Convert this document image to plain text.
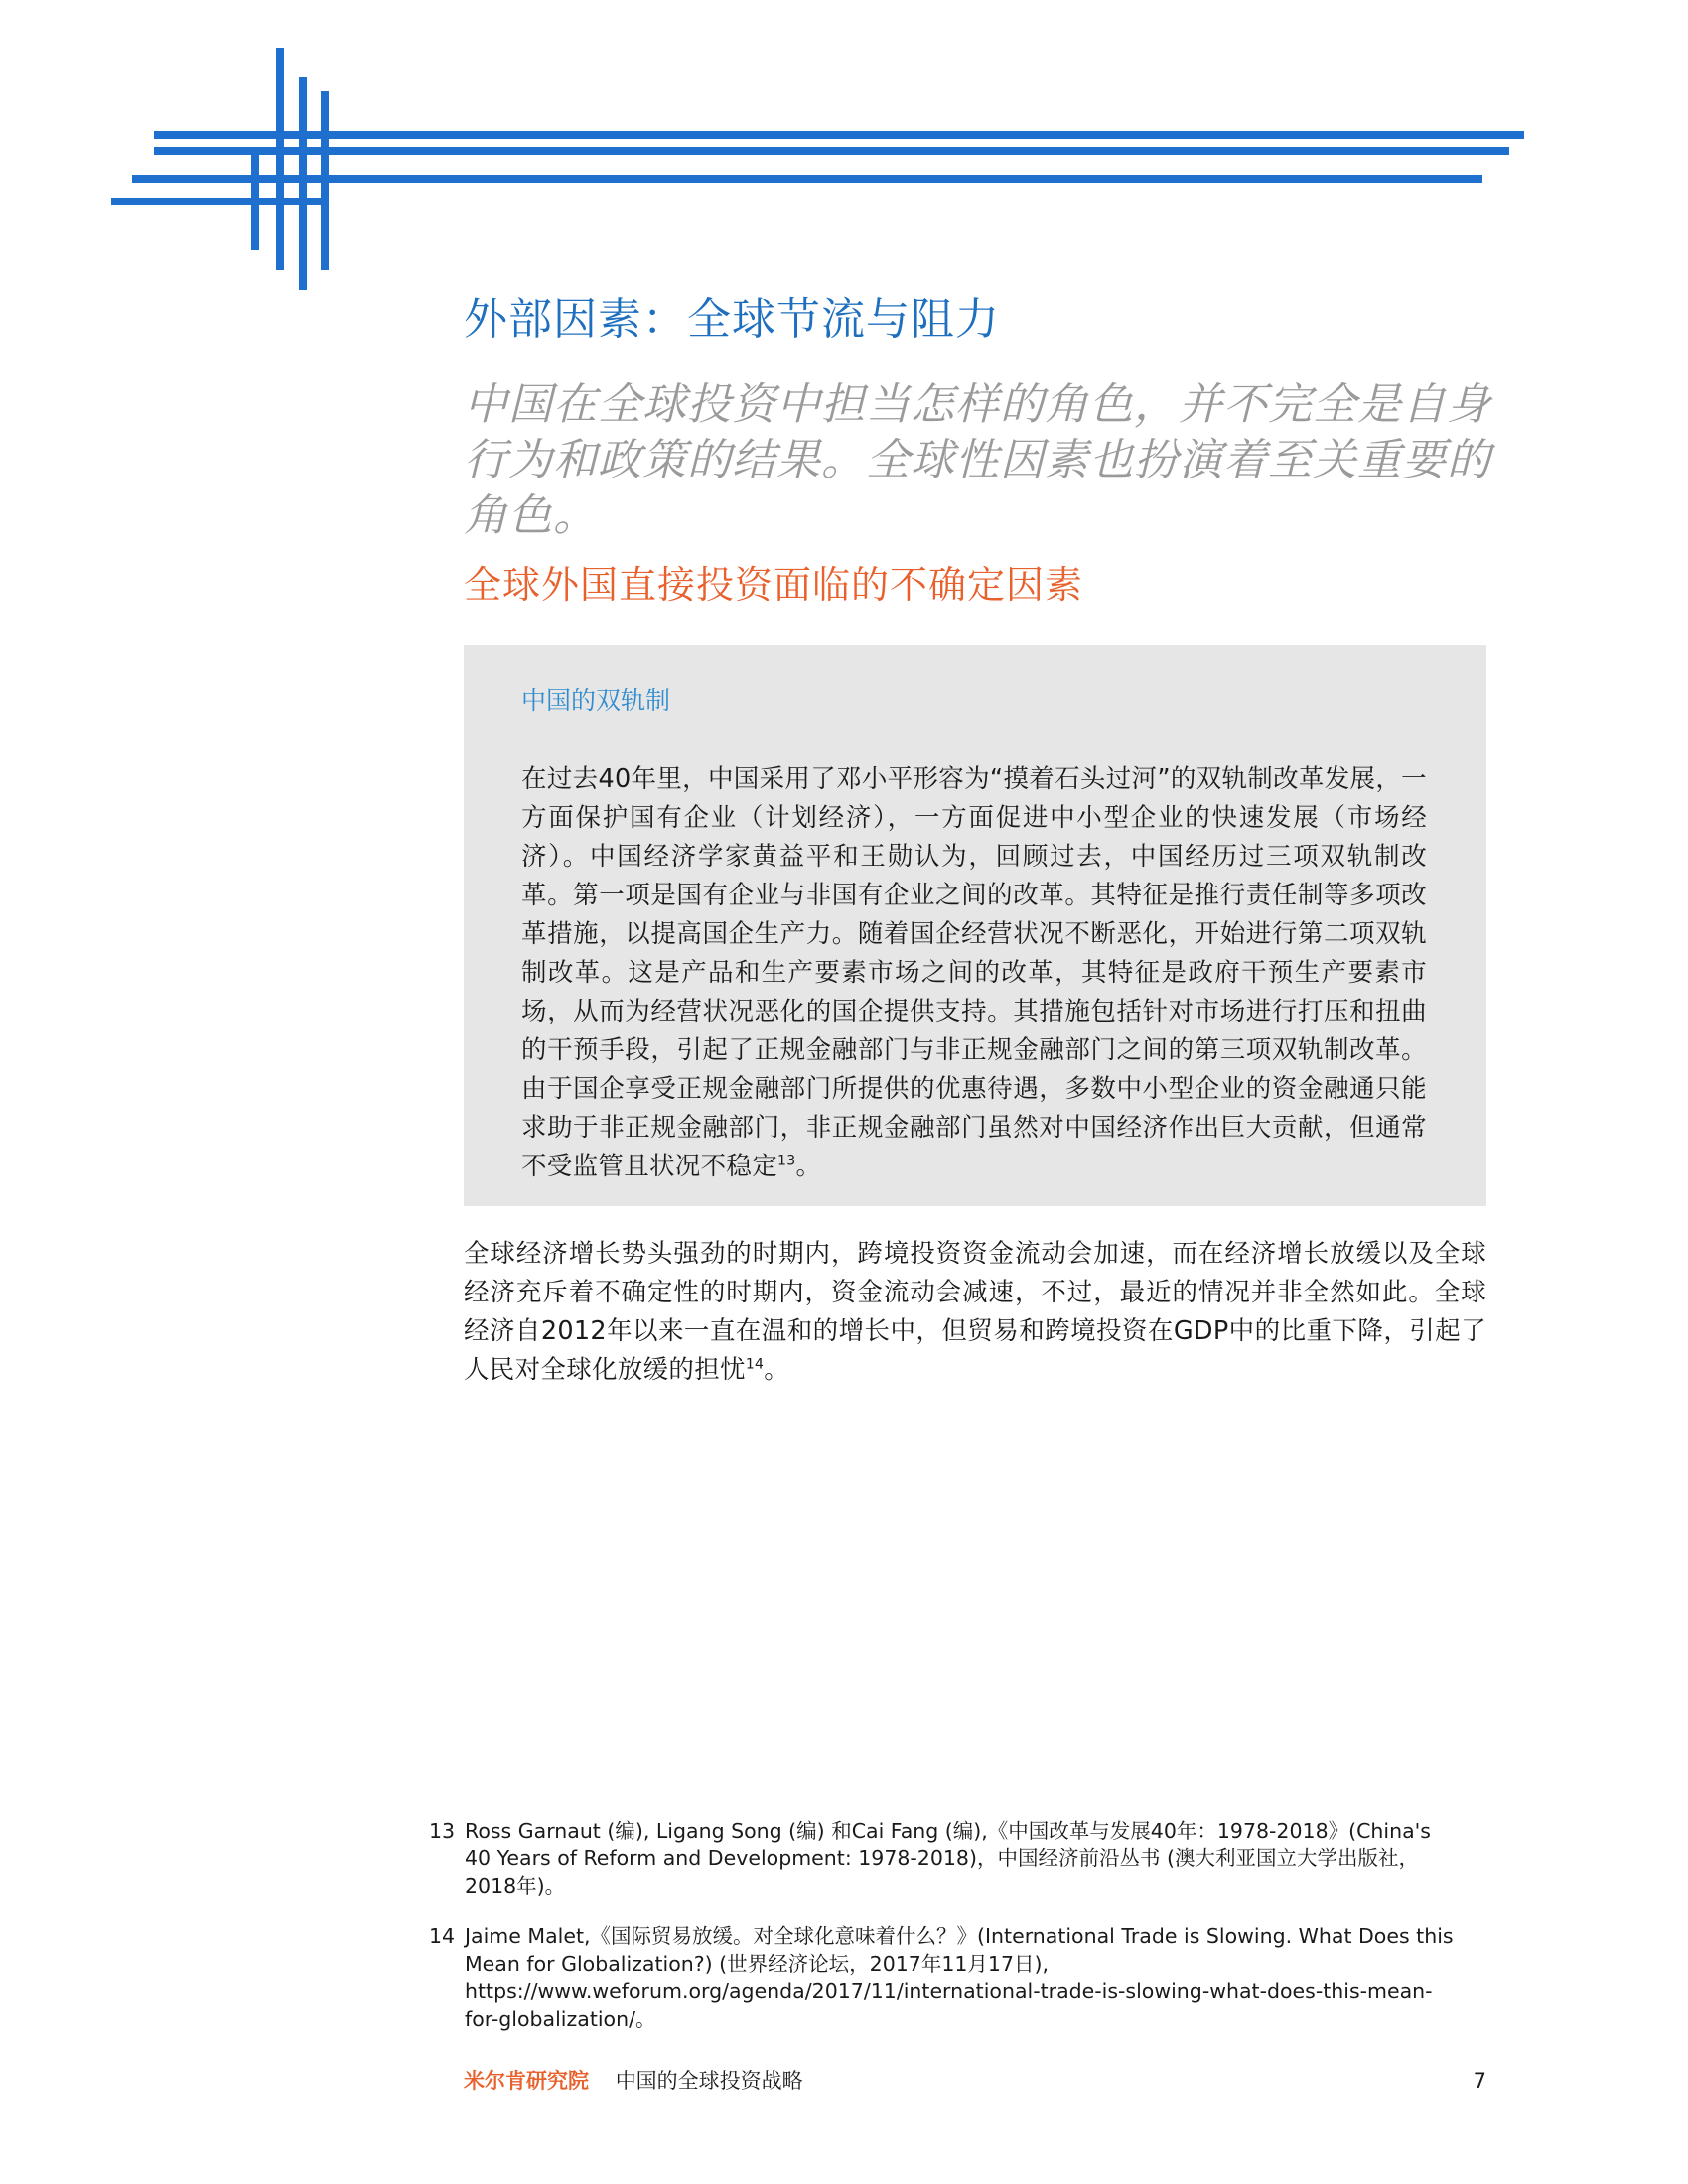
外部因素：全球节流与阻力

中国在全球投资中担当怎样的角色，并不完全是自身行为和政策的结果。全球性因素也扮演着至关重要的角色。

全球外国直接投资面临的不确定因素
中国的双轨制

在过去40年里，中国采用了邓小平形容为“摸着石头过河”的双轨制改革发展，一方面保护国有企业（计划经济），一方面促进中小型企业的快速发展（市场经济）。中国经济学家黄益平和王勋认为，回顾过去，中国经历过三项双轨制改革。第一项是国有企业与非国有企业之间的改革。其特征是推行责任制等多项改革措施，以提高国企生产力。随着国企经营状况不断恶化，开始进行第二项双轨制改革。这是产品和生产要素市场之间的改革，其特征是政府干预生产要素市场，从而为经营状况恶化的国企提供支持。其措施包括针对市场进行打压和扭曲的干预手段，引起了正规金融部门与非正规金融部门之间的第三项双轨制改革。由于国企享受正规金融部门所提供的优惠待遇，多数中小型企业的资金融通只能求助于非正规金融部门，非正规金融部门虽然对中国经济作出巨大贡献，但通常不受监管且状况不稳定$^{13}$。

全球经济增长势头强劲的时期内，跨境投资资金流动会加速，而在经济增长放缓以及全球经济充斥着不确定性的时期内，资金流动会减速，不过，最近的情况并非全然如此。全球经济自2012年以来一直在温和的增长中，但贸易和跨境投资在GDP中的比重下降，引起了人民对全球化放缓的担忧$^{14}$。

13 Ross Garnaut (编), Ligang Song (编) 和Cai Fang (编),《中国改革与发展40年：1978-2018》(China's 40 Years of Reform and Development: 1978-2018)，中国经济前沿丛书 (澳大利亚国立大学出版社，2018年)。
14 Jaime Malet,《国际贸易放缓。对全球化意味着什么？》(International Trade is Slowing. What Does this Mean for Globalization?) (世界经济论坛，2017年11月17日), https://www.weforum.org/agenda/2017/11/international-trade-is-slowing-what-does-this-mean-for-globalization/。
米尔肯研究院 中国的全球投资战略	7
